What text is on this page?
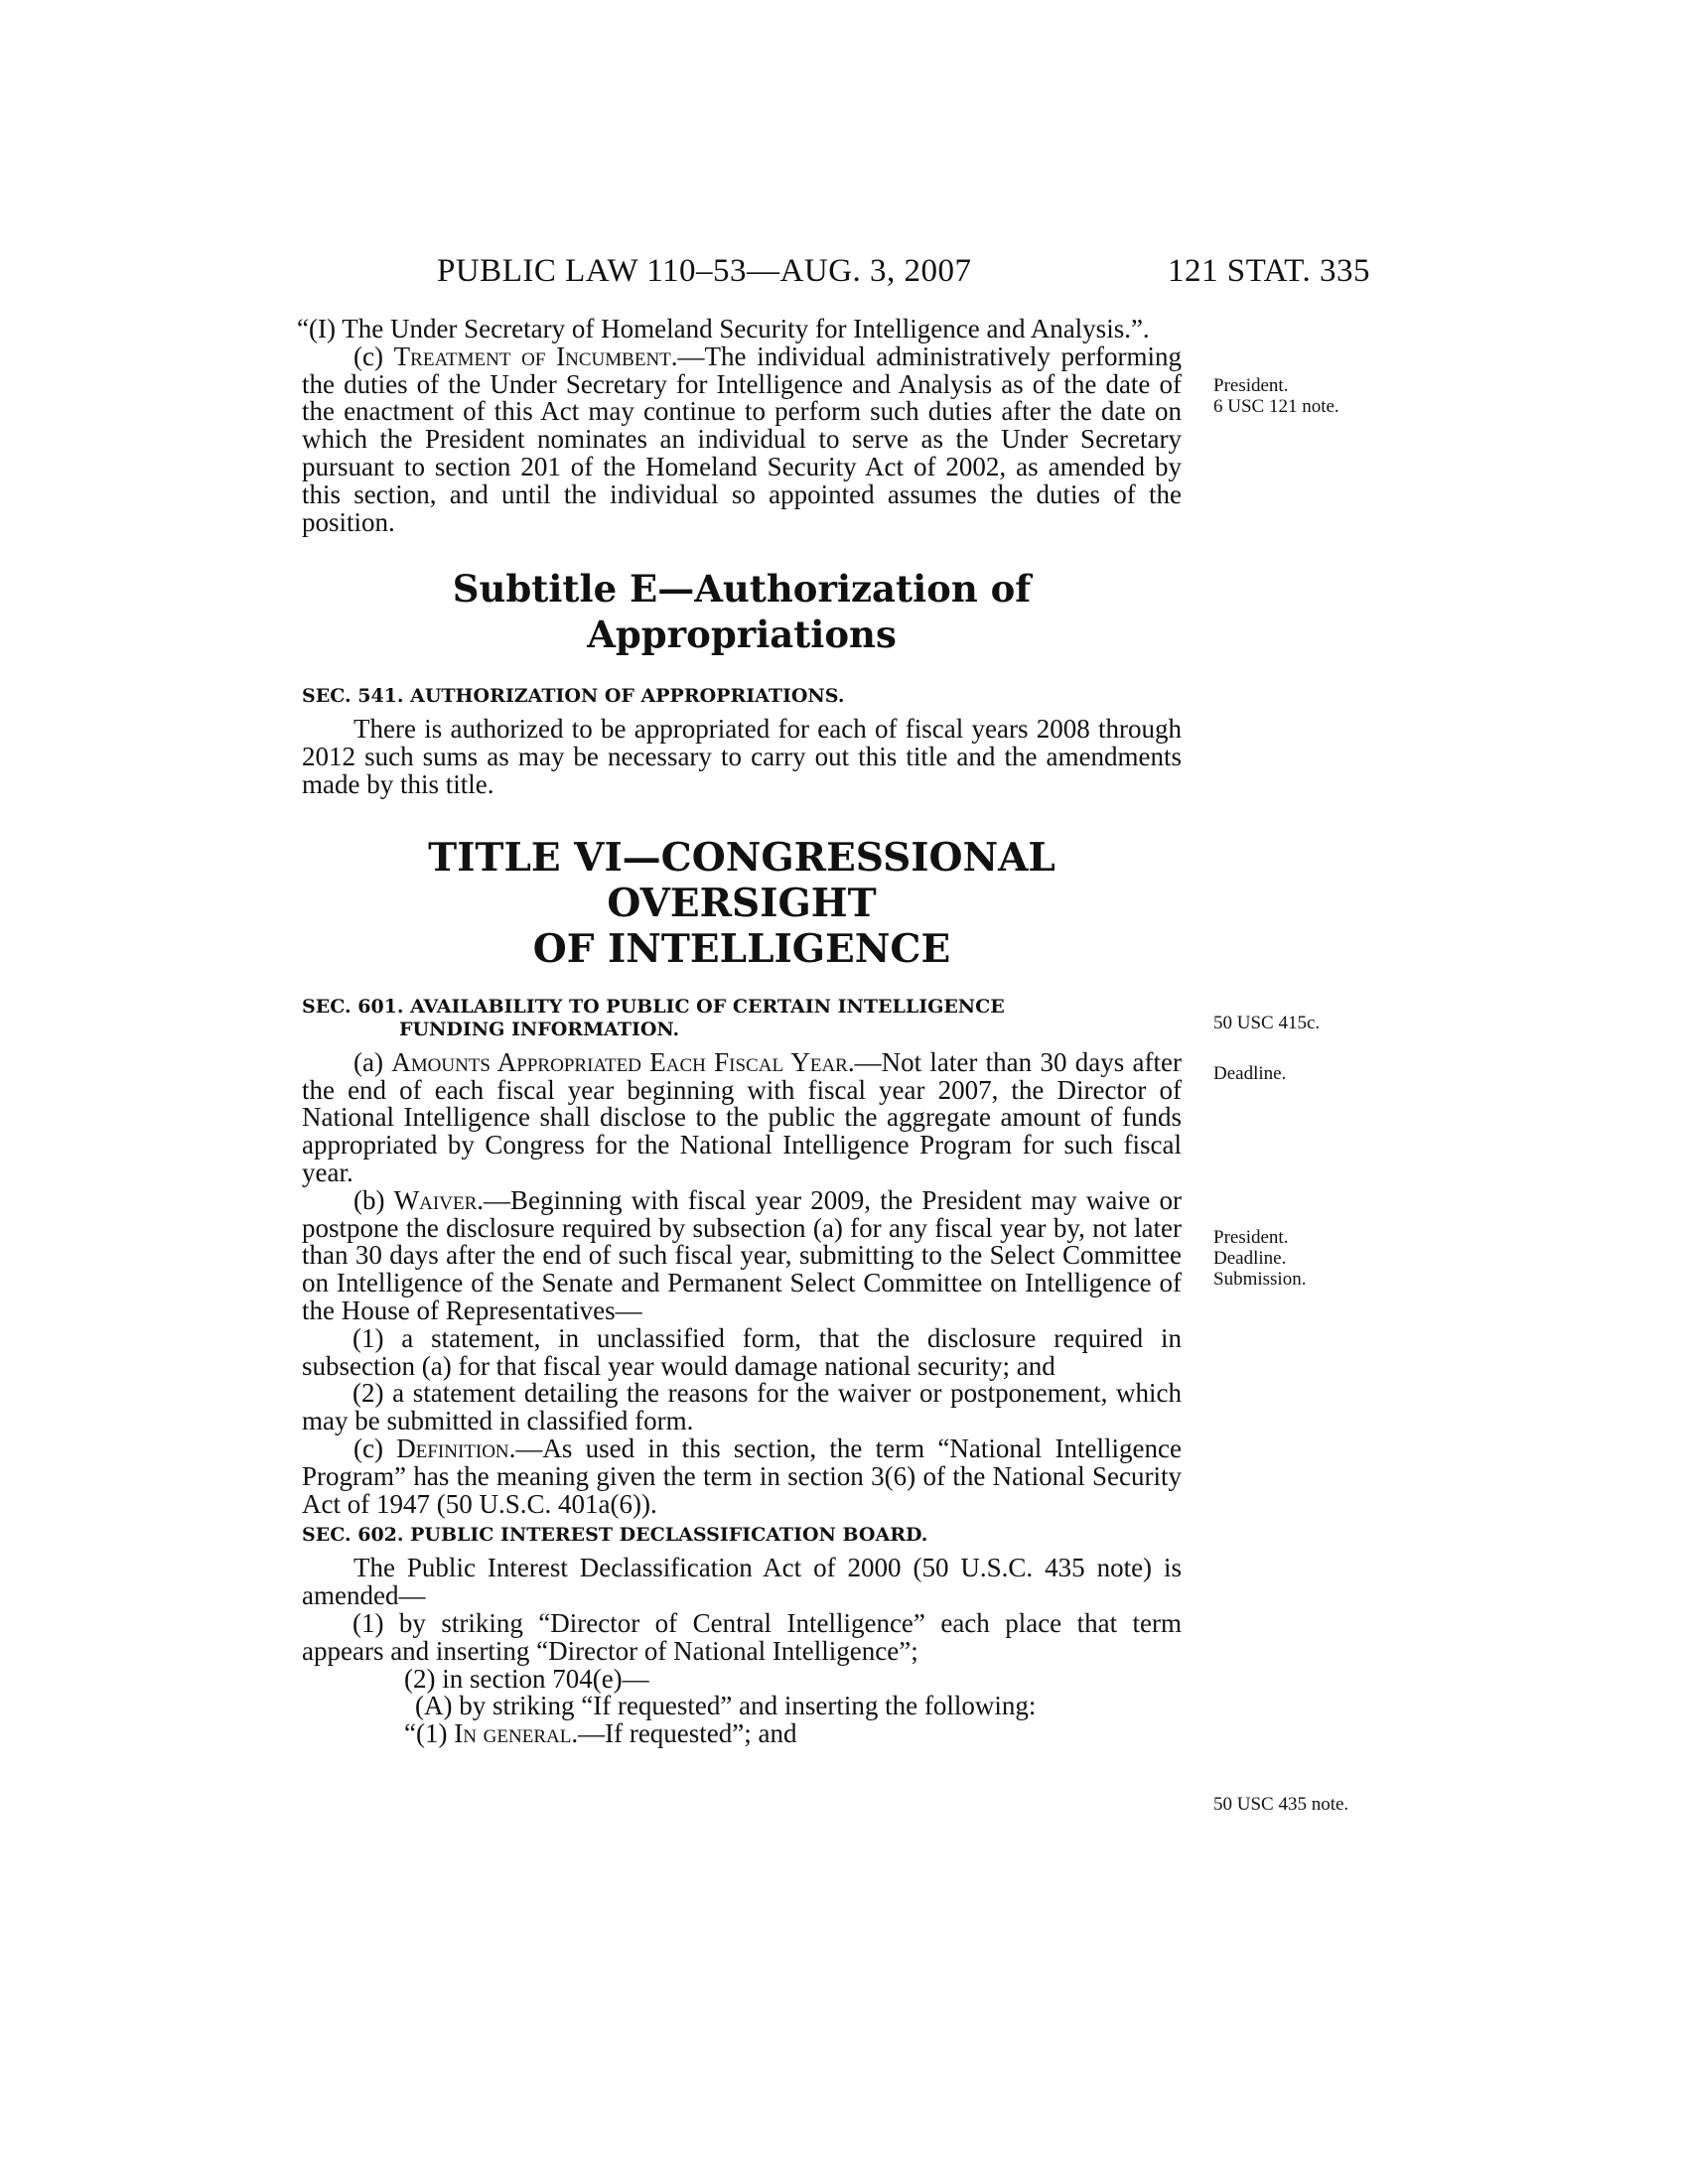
PUBLIC LAW 110–53—AUG. 3, 2007	121 STAT. 335

“(I) The Under Secretary of Homeland Security for Intelligence and Analysis.”.

(c) Treatment of Incumbent.—The individual administratively performing the duties of the Under Secretary for Intelligence and Analysis as of the date of the enactment of this Act may continue to perform such duties after the date on which the President nominates an individual to serve as the Under Secretary pursuant to section 201 of the Homeland Security Act of 2002, as amended by this section, and until the individual so appointed assumes the duties of the position.

Subtitle E—Authorization of
Appropriations
SEC. 541. AUTHORIZATION OF APPROPRIATIONS.

There is authorized to be appropriated for each of fiscal years 2008 through 2012 such sums as may be necessary to carry out this title and the amendments made by this title.

TITLE VI—CONGRESSIONAL OVERSIGHT
OF INTELLIGENCE
SEC. 601. AVAILABILITY TO PUBLIC OF CERTAIN INTELLIGENCE
FUNDING INFORMATION.

(a) Amounts Appropriated Each Fiscal Year.—Not later than 30 days after the end of each fiscal year beginning with fiscal year 2007, the Director of National Intelligence shall disclose to the public the aggregate amount of funds appropriated by Congress for the National Intelligence Program for such fiscal year.

(b) Waiver.—Beginning with fiscal year 2009, the President may waive or postpone the disclosure required by subsection (a) for any fiscal year by, not later than 30 days after the end of such fiscal year, submitting to the Select Committee on Intelligence of the Senate and Permanent Select Committee on Intelligence of the House of Representatives—

(1) a statement, in unclassified form, that the disclosure required in subsection (a) for that fiscal year would damage national security; and

(2) a statement detailing the reasons for the waiver or postponement, which may be submitted in classified form.

(c) Definition.—As used in this section, the term “National Intelligence Program” has the meaning given the term in section 3(6) of the National Security Act of 1947 (50 U.S.C. 401a(6)).

SEC. 602. PUBLIC INTEREST DECLASSIFICATION BOARD.

The Public Interest Declassification Act of 2000 (50 U.S.C. 435 note) is amended—

(1) by striking “Director of Central Intelligence” each place that term appears and inserting “Director of National Intelligence”;

(2) in section 704(e)—

(A) by striking “If requested” and inserting the following:

“(1) In general.—If requested”; and

President.
6 USC 121 note.
50 USC 415c.
Deadline.
President.
Deadline.
Submission.
50 USC 435 note.
